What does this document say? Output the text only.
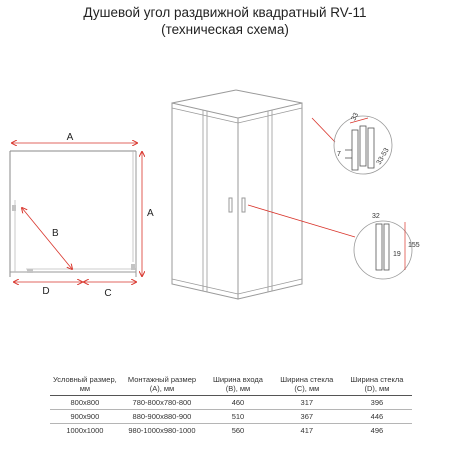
Душевой угол раздвижной квадратный RV-11
(техническая схема)
A
A
B
D	C
33
7	33-53
32
155
19
Условный размер, мм	Монтажный размер (А), мм	Ширина входа (B), мм	Ширина стекла (C), мм	Ширина стекла (D), мм
800x800	780-800x780-800	460	317	396
900x900	880-900x880-900	510	367	446
1000x1000	980-1000x980-1000	560	417	496
